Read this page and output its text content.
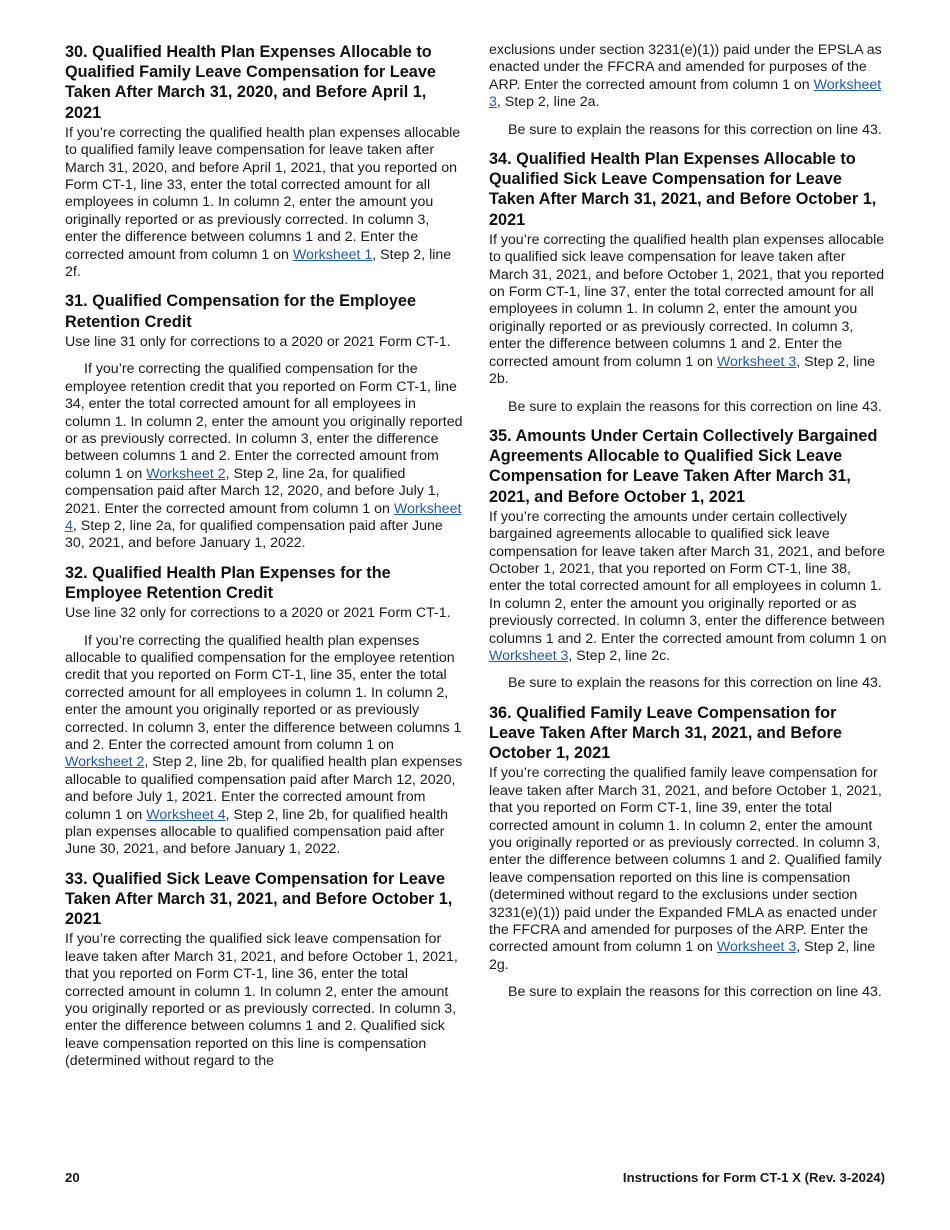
30. Qualified Health Plan Expenses Allocable to Qualified Family Leave Compensation for Leave Taken After March 31, 2020, and Before April 1, 2021

If you’re correcting the qualified health plan expenses allocable to qualified family leave compensation for leave taken after March 31, 2020, and before April 1, 2021, that you reported on Form CT-1, line 33, enter the total corrected amount for all employees in column 1. In column 2, enter the amount you originally reported or as previously corrected. In column 3, enter the difference between columns 1 and 2. Enter the corrected amount from column 1 on Worksheet 1, Step 2, line 2f.

31. Qualified Compensation for the Employee Retention Credit

Use line 31 only for corrections to a 2020 or 2021 Form CT-1.

If you’re correcting the qualified compensation for the employee retention credit that you reported on Form CT-1, line 34, enter the total corrected amount for all employees in column 1. In column 2, enter the amount you originally reported or as previously corrected. In column 3, enter the difference between columns 1 and 2. Enter the corrected amount from column 1 on Worksheet 2, Step 2, line 2a, for qualified compensation paid after March 12, 2020, and before July 1, 2021. Enter the corrected amount from column 1 on Worksheet 4, Step 2, line 2a, for qualified compensation paid after June 30, 2021, and before January 1, 2022.

32. Qualified Health Plan Expenses for the Employee Retention Credit

Use line 32 only for corrections to a 2020 or 2021 Form CT-1.

If you’re correcting the qualified health plan expenses allocable to qualified compensation for the employee retention credit that you reported on Form CT-1, line 35, enter the total corrected amount for all employees in column 1. In column 2, enter the amount you originally reported or as previously corrected. In column 3, enter the difference between columns 1 and 2. Enter the corrected amount from column 1 on Worksheet 2, Step 2, line 2b, for qualified health plan expenses allocable to qualified compensation paid after March 12, 2020, and before July 1, 2021. Enter the corrected amount from column 1 on Worksheet 4, Step 2, line 2b, for qualified health plan expenses allocable to qualified compensation paid after June 30, 2021, and before January 1, 2022.

33. Qualified Sick Leave Compensation for Leave Taken After March 31, 2021, and Before October 1, 2021

If you’re correcting the qualified sick leave compensation for leave taken after March 31, 2021, and before October 1, 2021, that you reported on Form CT-1, line 36, enter the total corrected amount in column 1. In column 2, enter the amount you originally reported or as previously corrected. In column 3, enter the difference between columns 1 and 2. Qualified sick leave compensation reported on this line is compensation (determined without regard to the

exclusions under section 3231(e)(1)) paid under the EPSLA as enacted under the FFCRA and amended for purposes of the ARP. Enter the corrected amount from column 1 on Worksheet 3, Step 2, line 2a.

Be sure to explain the reasons for this correction on line 43.

34. Qualified Health Plan Expenses Allocable to Qualified Sick Leave Compensation for Leave Taken After March 31, 2021, and Before October 1, 2021

If you’re correcting the qualified health plan expenses allocable to qualified sick leave compensation for leave taken after March 31, 2021, and before October 1, 2021, that you reported on Form CT-1, line 37, enter the total corrected amount for all employees in column 1. In column 2, enter the amount you originally reported or as previously corrected. In column 3, enter the difference between columns 1 and 2. Enter the corrected amount from column 1 on Worksheet 3, Step 2, line 2b.

Be sure to explain the reasons for this correction on line 43.

35. Amounts Under Certain Collectively Bargained Agreements Allocable to Qualified Sick Leave Compensation for Leave Taken After March 31, 2021, and Before October 1, 2021

If you’re correcting the amounts under certain collectively bargained agreements allocable to qualified sick leave compensation for leave taken after March 31, 2021, and before October 1, 2021, that you reported on Form CT-1, line 38, enter the total corrected amount for all employees in column 1. In column 2, enter the amount you originally reported or as previously corrected. In column 3, enter the difference between columns 1 and 2. Enter the corrected amount from column 1 on Worksheet 3, Step 2, line 2c.

Be sure to explain the reasons for this correction on line 43.

36. Qualified Family Leave Compensation for Leave Taken After March 31, 2021, and Before October 1, 2021

If you’re correcting the qualified family leave compensation for leave taken after March 31, 2021, and before October 1, 2021, that you reported on Form CT-1, line 39, enter the total corrected amount in column 1. In column 2, enter the amount you originally reported or as previously corrected. In column 3, enter the difference between columns 1 and 2. Qualified family leave compensation reported on this line is compensation (determined without regard to the exclusions under section 3231(e)(1)) paid under the Expanded FMLA as enacted under the FFCRA and amended for purposes of the ARP. Enter the corrected amount from column 1 on Worksheet 3, Step 2, line 2g.

Be sure to explain the reasons for this correction on line 43.

20	Instructions for Form CT-1 X (Rev. 3-2024)
